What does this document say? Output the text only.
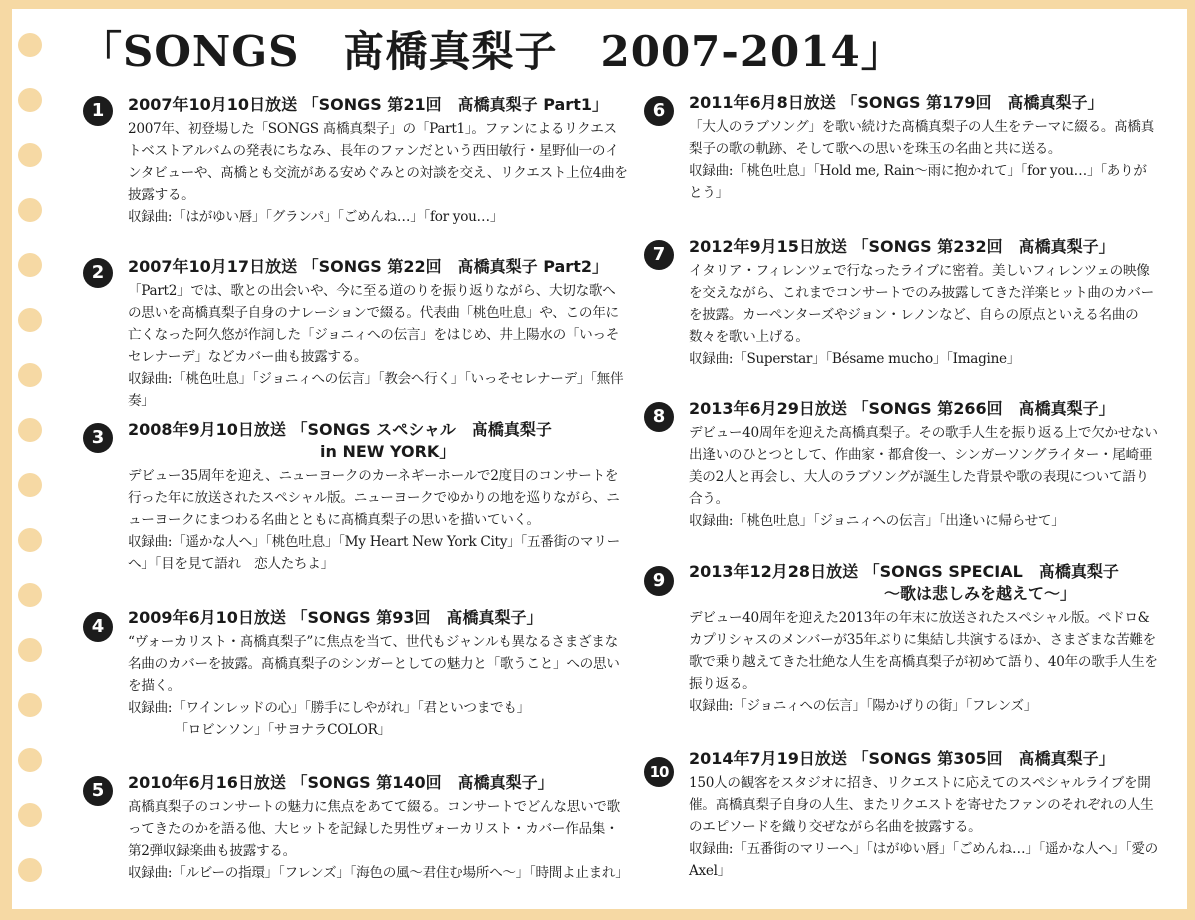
「SONGS　髙橋真梨子　2007-2014」
1	2007年10月10日放送 「SONGS 第21回　髙橋真梨子 Part1」
2007年、初登場した「SONGS 髙橋真梨子」の「Part1」。ファンによるリクエストベストアルバムの発表にちなみ、長年のファンだという西田敏行・星野仙一のインタビューや、髙橋とも交流がある安めぐみとの対談を交え、リクエスト上位4曲を披露する。
収録曲:「はがゆい唇」「グランパ」「ごめんね…」「for you…」
2	2007年10月17日放送 「SONGS 第22回　髙橋真梨子 Part2」
「Part2」では、歌との出会いや、今に至る道のりを振り返りながら、大切な歌への思いを髙橋真梨子自身のナレーションで綴る。代表曲「桃色吐息」や、この年に亡くなった阿久悠が作詞した「ジョニィへの伝言」をはじめ、井上陽水の「いっそセレナーデ」などカバー曲も披露する。
収録曲:「桃色吐息」「ジョニィへの伝言」「教会へ行く」「いっそセレナーデ」「無伴奏」
3	2008年9月10日放送 「SONGS スペシャル　髙橋真梨子
in NEW YORK」
デビュー35周年を迎え、ニューヨークのカーネギーホールで2度目のコンサートを行った年に放送されたスペシャル版。ニューヨークでゆかりの地を巡りながら、ニューヨークにまつわる名曲とともに髙橋真梨子の思いを描いていく。
収録曲:「遥かな人へ」「桃色吐息」「My Heart New York City」「五番街のマリーへ」「目を見て語れ　恋人たちよ」
4	2009年6月10日放送 「SONGS 第93回　髙橋真梨子」
“ヴォーカリスト・髙橋真梨子”に焦点を当て、世代もジャンルも異なるさまざまな名曲のカバーを披露。髙橋真梨子のシンガーとしての魅力と「歌うこと」への思いを描く。
収録曲:「ワインレッドの心」「勝手にしやがれ」「君といつまでも」
　　　　「ロビンソン」「サヨナラCOLOR」
5	2010年6月16日放送 「SONGS 第140回　髙橋真梨子」
髙橋真梨子のコンサートの魅力に焦点をあてて綴る。コンサートでどんな思いで歌ってきたのかを語る他、大ヒットを記録した男性ヴォーカリスト・カバー作品集・第2弾収録楽曲も披露する。
収録曲:「ルビーの指環」「フレンズ」「海色の風〜君住む場所へ〜」「時間よ止まれ」
6	2011年6月8日放送 「SONGS 第179回　髙橋真梨子」
「大人のラブソング」を歌い続けた髙橋真梨子の人生をテーマに綴る。髙橋真梨子の歌の軌跡、そして歌への思いを珠玉の名曲と共に送る。
収録曲:「桃色吐息」「Hold me, Rain〜雨に抱かれて」「for you…」「ありがとう」
7	2012年9月15日放送 「SONGS 第232回　髙橋真梨子」
イタリア・フィレンツェで行なったライブに密着。美しいフィレンツェの映像を交えながら、これまでコンサートでのみ披露してきた洋楽ヒット曲のカバーを披露。カーペンターズやジョン・レノンなど、自らの原点といえる名曲の数々を歌い上げる。
収録曲:「Superstar」「Bésame mucho」「Imagine」
8	2013年6月29日放送 「SONGS 第266回　髙橋真梨子」
デビュー40周年を迎えた髙橋真梨子。その歌手人生を振り返る上で欠かせない出逢いのひとつとして、作曲家・都倉俊一、シンガーソングライター・尾崎亜美の2人と再会し、大人のラブソングが誕生した背景や歌の表現について語り合う。
収録曲:「桃色吐息」「ジョニィへの伝言」「出逢いに帰らせて」
9	2013年12月28日放送 「SONGS SPECIAL　髙橋真梨子
〜歌は悲しみを越えて〜」
デビュー40周年を迎えた2013年の年末に放送されたスペシャル版。ペドロ&カプリシャスのメンバーが35年ぶりに集結し共演するほか、さまざまな苦難を歌で乗り越えてきた壮絶な人生を髙橋真梨子が初めて語り、40年の歌手人生を振り返る。
収録曲:「ジョニィへの伝言」「陽かげりの街」「フレンズ」
10
2014年7月19日放送 「SONGS 第305回　髙橋真梨子」
150人の観客をスタジオに招き、リクエストに応えてのスペシャルライブを開催。髙橋真梨子自身の人生、またリクエストを寄せたファンのそれぞれの人生のエピソードを織り交ぜながら名曲を披露する。
収録曲:「五番街のマリーへ」「はがゆい唇」「ごめんね…」「遥かな人へ」「愛のAxel」
